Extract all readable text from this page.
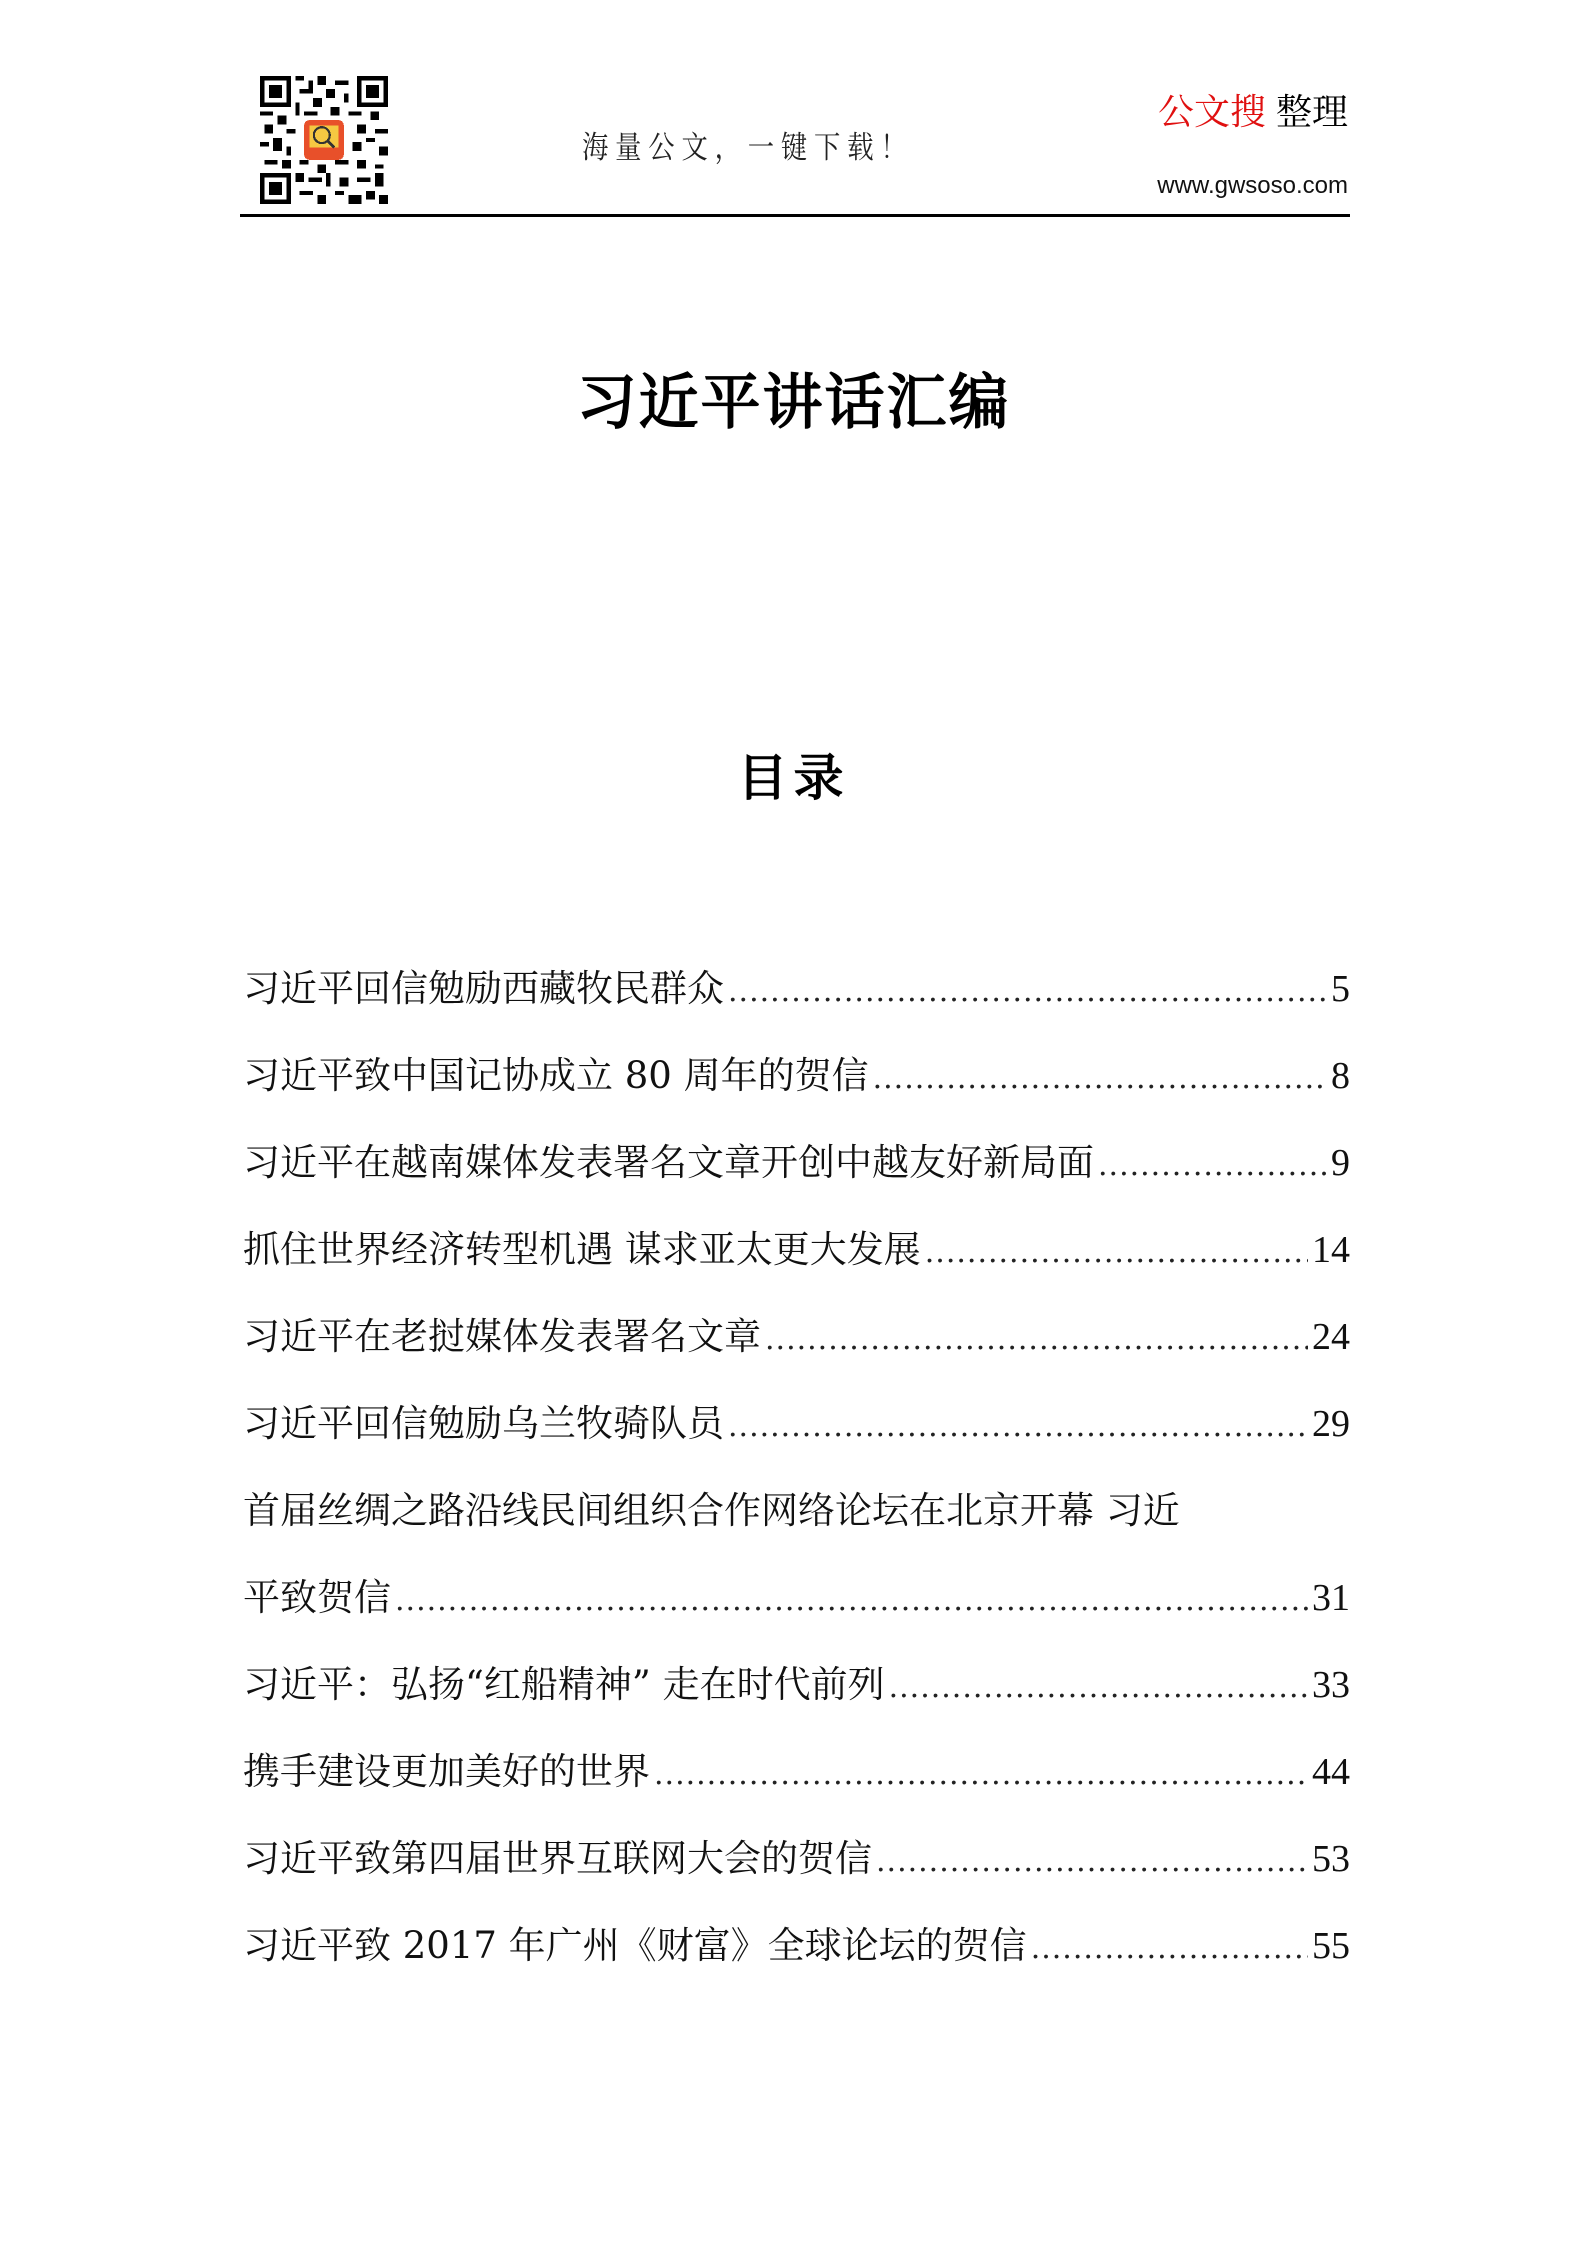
海量公文，一键下载！
公文搜 整理
www.gwsoso.com
习近平讲话汇编
目录
习近平回信勉励西藏牧民群众 .....	5
习近平致中国记协成立 80 周年的贺信 .....	8
习近平在越南媒体发表署名文章开创中越友好新局面 .....	9
抓住世界经济转型机遇 谋求亚太更大发展 .....	14
习近平在老挝媒体发表署名文章 .....	24
习近平回信勉励乌兰牧骑队员 .....	29
首届丝绸之路沿线民间组织合作网络论坛在北京开幕 习近
平致贺信 .....	31
习近平：弘扬“红船精神” 走在时代前列 .....	33
携手建设更加美好的世界 .....	44
习近平致第四届世界互联网大会的贺信 .....	53
习近平致 2017 年广州《财富》全球论坛的贺信 .....	55
